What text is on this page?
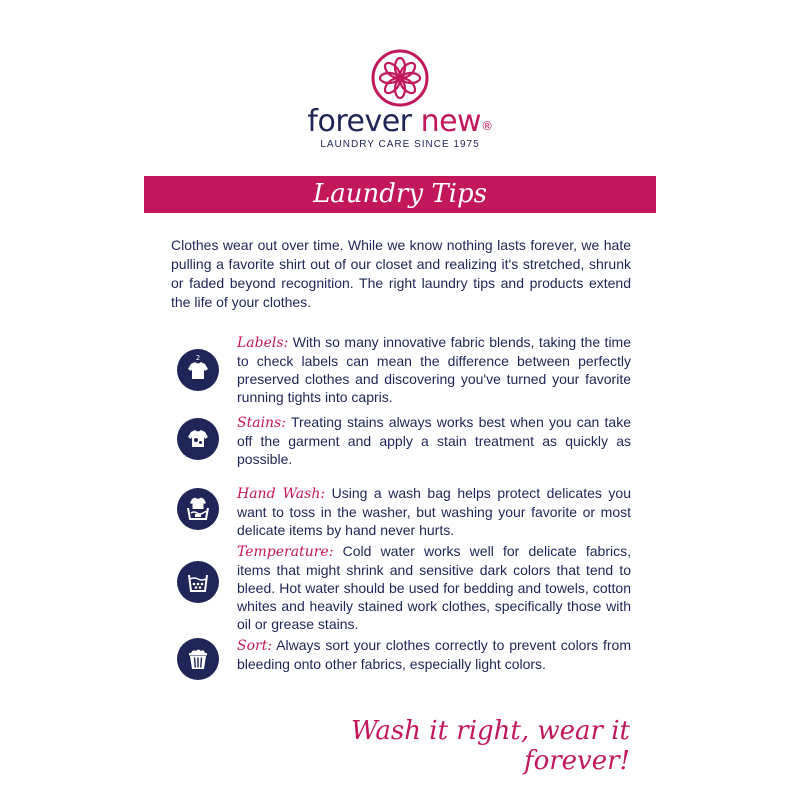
forever new®
LAUNDRY CARE SINCE 1975
Laundry Tips
Clothes wear out over time. While we know nothing lasts forever, we hate pulling a favorite shirt out of our closet and realizing it's stretched, shrunk or faded beyond recognition. The right laundry tips and products extend the life of your clothes.
2
Labels: With so many innovative fabric blends, taking the time to check labels can mean the difference between perfectly preserved clothes and discovering you've turned your favorite running tights into capris.
Stains: Treating stains always works best when you can take off the garment and apply a stain treatment as quickly as possible.
Hand Wash: Using a wash bag helps protect delicates you want to toss in the washer, but washing your favorite or most delicate items by hand never hurts.
Temperature: Cold water works well for delicate fabrics, items that might shrink and sensitive dark colors that tend to bleed. Hot water should be used for bedding and towels, cotton whites and heavily stained work clothes, specifically those with oil or grease stains.
Sort: Always sort your clothes correctly to prevent colors from bleeding onto other fabrics, especially light colors.
Wash it right, wear it forever!
